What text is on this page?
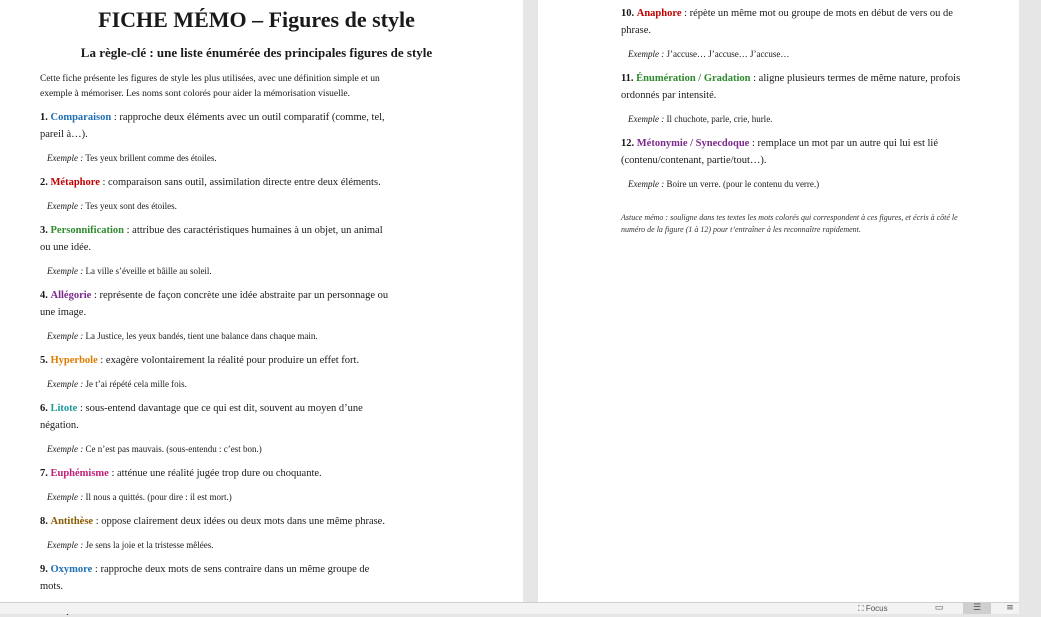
FICHE MÉMO – Figures de style
La règle-clé : une liste énumérée des principales figures de style

Cette fiche présente les figures de style les plus utilisées, avec une définition simple et un
exemple à mémoriser. Les noms sont colorés pour aider la mémorisation visuelle.

1. Comparaison : rapproche deux éléments avec un outil comparatif (comme, tel,
pareil à…).

Exemple : Tes yeux brillent comme des étoiles.

2. Métaphore : comparaison sans outil, assimilation directe entre deux éléments.

Exemple : Tes yeux sont des étoiles.

3. Personnification : attribue des caractéristiques humaines à un objet, un animal
ou une idée.

Exemple : La ville s’éveille et bâille au soleil.

4. Allégorie : représente de façon concrète une idée abstraite par un personnage ou
une image.

Exemple : La Justice, les yeux bandés, tient une balance dans chaque main.

5. Hyperbole : exagère volontairement la réalité pour produire un effet fort.

Exemple : Je t’ai répété cela mille fois.

6. Litote : sous-entend davantage que ce qui est dit, souvent au moyen d’une
négation.

Exemple : Ce n’est pas mauvais. (sous-entendu : c’est bon.)

7. Euphémisme : atténue une réalité jugée trop dure ou choquante.

Exemple : Il nous a quittés. (pour dire : il est mort.)

8. Antithèse : oppose clairement deux idées ou deux mots dans une même phrase.

Exemple : Je sens la joie et la tristesse mêlées.

9. Oxymore : rapproche deux mots de sens contraire dans un même groupe de
mots.

10. Anaphore : répète un même mot ou groupe de mots en début de vers ou de
phrase.

Exemple : J’accuse… J’accuse… J’accuse…

11. Énumération / Gradation : aligne plusieurs termes de même nature, profois
ordonnés par intensité.

Exemple : Il chuchote, parle, crie, hurle.

12. Métonymie / Synecdoque : remplace un mot par un autre qui lui est lié
(contenu/contenant, partie/tout…).

Exemple : Boire un verre. (pour le contenu du verre.)

Astuce mémo : souligne dans tes textes les mots colorés qui correspondent à ces figures, et écris à côté le
numéro de la figure (1 à 12) pour t’entraîner à les reconnaître rapidement.

⛶ Focus	▭	☰	≡
